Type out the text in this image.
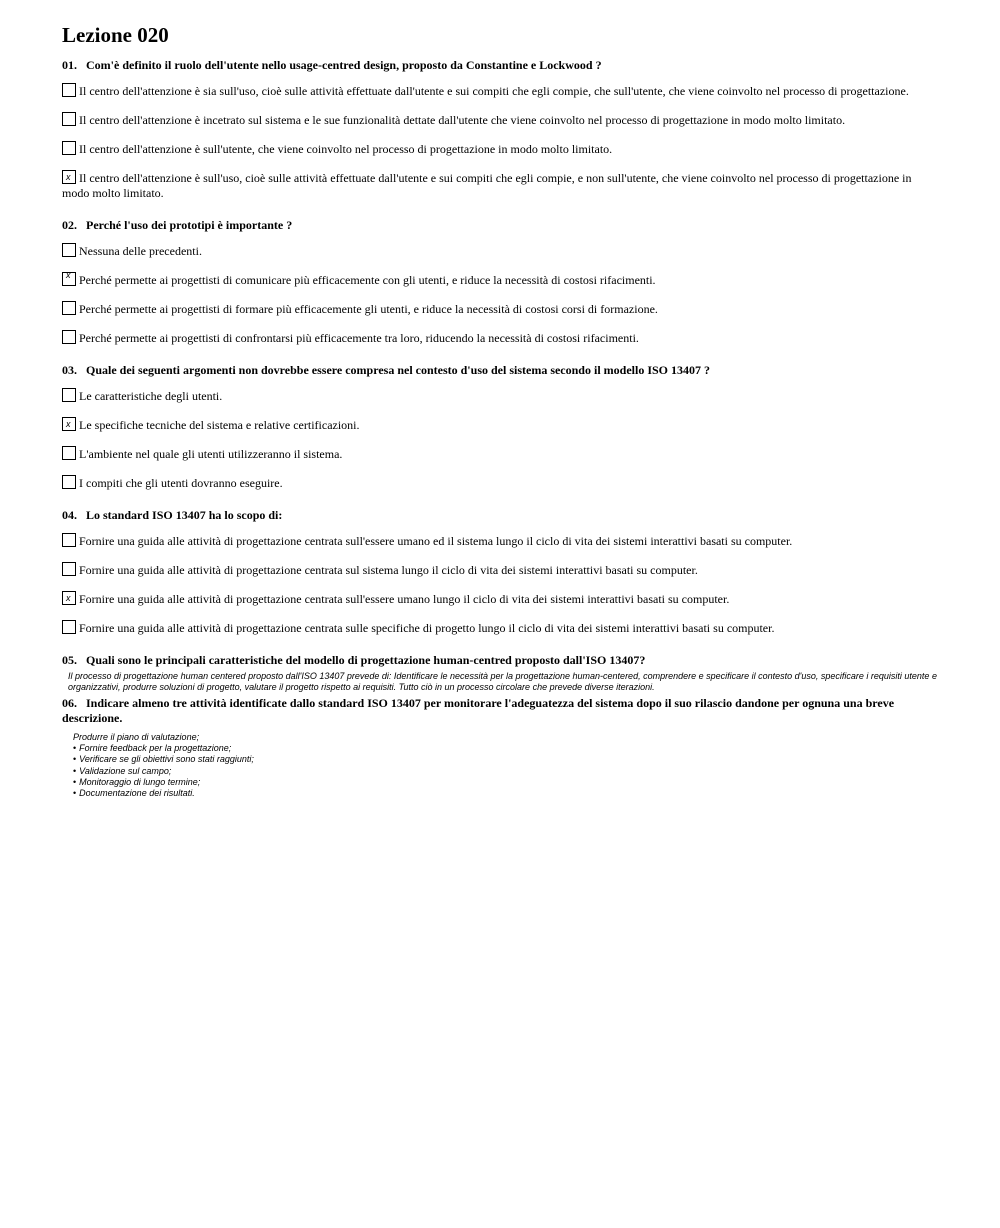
Lezione 020
01. Com'è definito il ruolo dell'utente nello usage-centred design, proposto da Constantine e Lockwood ?
Il centro dell'attenzione è sia sull'uso, cioè sulle attività effettuate dall'utente e sui compiti che egli compie, che sull'utente, che viene coinvolto nel processo di progettazione.
Il centro dell'attenzione è incetrato sul sistema e le sue funzionalità dettate dall'utente che viene coinvolto nel processo di progettazione in modo molto limitato.
Il centro dell'attenzione è sull'utente, che viene coinvolto nel processo di progettazione in modo molto limitato.
x Il centro dell'attenzione è sull'uso, cioè sulle attività effettuate dall'utente e sui compiti che egli compie, e non sull'utente, che viene coinvolto nel processo di progettazione in modo molto limitato.
02. Perché l'uso dei prototipi è importante ?
Nessuna delle precedenti.
x Perché permette ai progettisti di comunicare più efficacemente con gli utenti, e riduce la necessità di costosi rifacimenti.
Perché permette ai progettisti di formare più efficacemente gli utenti, e riduce la necessità di costosi corsi di formazione.
Perché permette ai progettisti di confrontarsi più efficacemente tra loro, riducendo la necessità di costosi rifacimenti.
03. Quale dei seguenti argomenti non dovrebbe essere compresa nel contesto d'uso del sistema secondo il modello ISO 13407 ?
Le caratteristiche degli utenti.
x Le specifiche tecniche del sistema e relative certificazioni.
L'ambiente nel quale gli utenti utilizzeranno il sistema.
I compiti che gli utenti dovranno eseguire.
04. Lo standard ISO 13407 ha lo scopo di:
Fornire una guida alle attività di progettazione centrata sull'essere umano ed il sistema lungo il ciclo di vita dei sistemi interattivi basati su computer.
Fornire una guida alle attività di progettazione centrata sul sistema lungo il ciclo di vita dei sistemi interattivi basati su computer.
x Fornire una guida alle attività di progettazione centrata sull'essere umano lungo il ciclo di vita dei sistemi interattivi basati su computer.
Fornire una guida alle attività di progettazione centrata sulle specifiche di progetto lungo il ciclo di vita dei sistemi interattivi basati su computer.
05. Quali sono le principali caratteristiche del modello di progettazione human-centred proposto dall'ISO 13407?
Il processo di progettazione human centered proposto dall'ISO 13407 prevede di: Identificare le necessità per la progettazione human-centered, comprendere e specificare il contesto d'uso, specificare i requisiti utente e organizzativi, produrre soluzioni di progetto, valutare il progetto rispetto ai requisiti. Tutto ciò in un processo circolare che prevede diverse iterazioni.
06. Indicare almeno tre attività identificate dallo standard ISO 13407 per monitorare l'adeguatezza del sistema dopo il suo rilascio dandone per ognuna una breve descrizione.
Produrre il piano di valutazione;
• Fornire feedback per la progettazione;
• Verificare se gli obiettivi sono stati raggiunti;
• Validazione sul campo;
• Monitoraggio di lungo termine;
• Documentazione dei risultati.
